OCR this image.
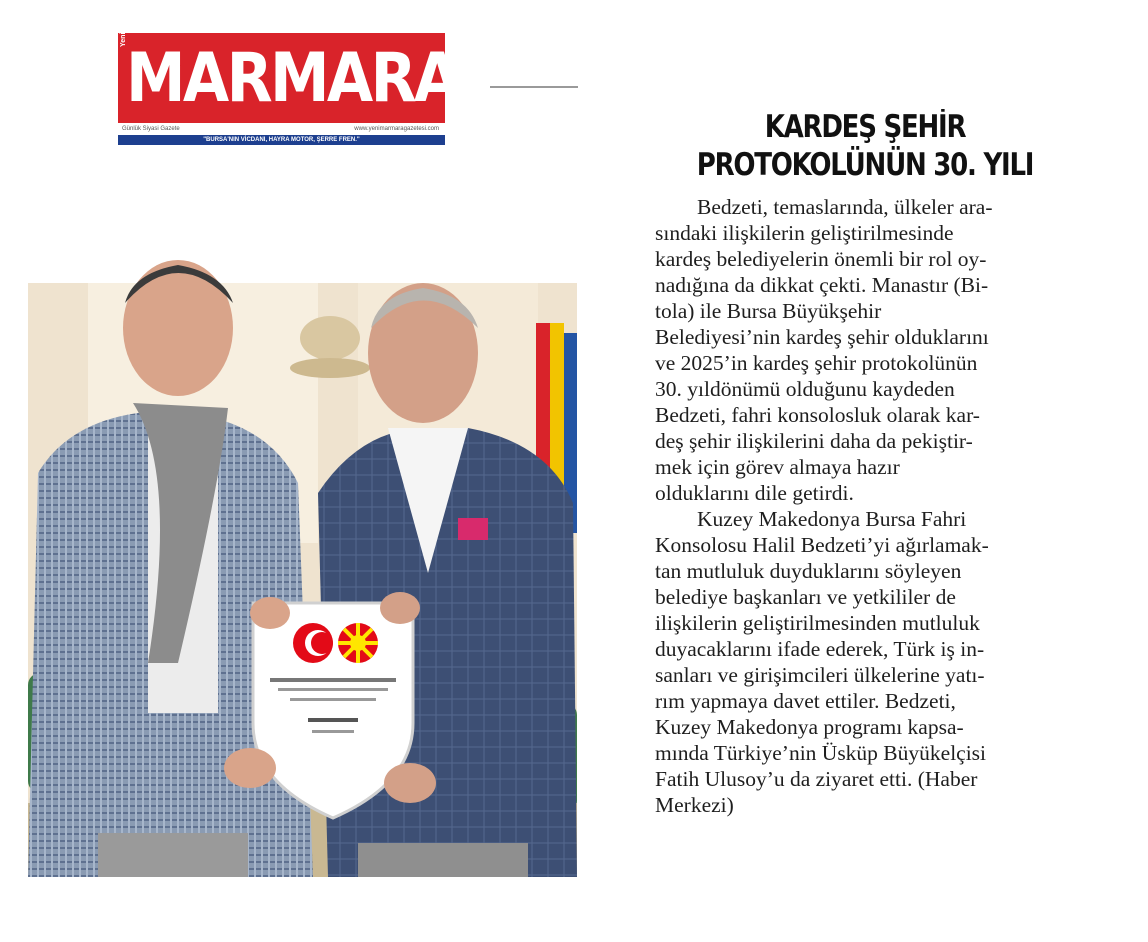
Yeni MARMARA
Günlük Siyasi Gazete	www.yenimarmaragazetesi.com
"BURSA'NIN VİCDANI, HAYRA MOTOR, ŞERRE FREN."	KARDEŞ ŞEHİR
PROTOKOLÜNÜN 30. YILI
Bedzeti, temaslarında, ülkeler ara-
sındaki ilişkilerin geliştirilmesinde
kardeş belediyelerin önemli bir rol oy-
nadığına da dikkat çekti. Manastır (Bi-
tola) ile Bursa Büyükşehir
Belediyesi’nin kardeş şehir olduklarını
ve 2025’in kardeş şehir protokolünün
30. yıldönümü olduğunu kaydeden
Bedzeti, fahri konsolosluk olarak kar-
deş şehir ilişkilerini daha da pekiştir-
mek için görev almaya hazır
olduklarını dile getirdi.
Kuzey Makedonya Bursa Fahri
Konsolosu Halil Bedzeti’yi ağırlamak-
tan mutluluk duyduklarını söyleyen
belediye başkanları ve yetkililer de
ilişkilerin geliştirilmesinden mutluluk
duyacaklarını ifade ederek, Türk iş in-
sanları ve girişimcileri ülkelerine yatı-
rım yapmaya davet ettiler. Bedzeti,
Kuzey Makedonya programı kapsa-
mında Türkiye’nin Üsküp Büyükelçisi
Fatih Ulusoy’u da ziyaret etti. (Haber
Merkezi)
